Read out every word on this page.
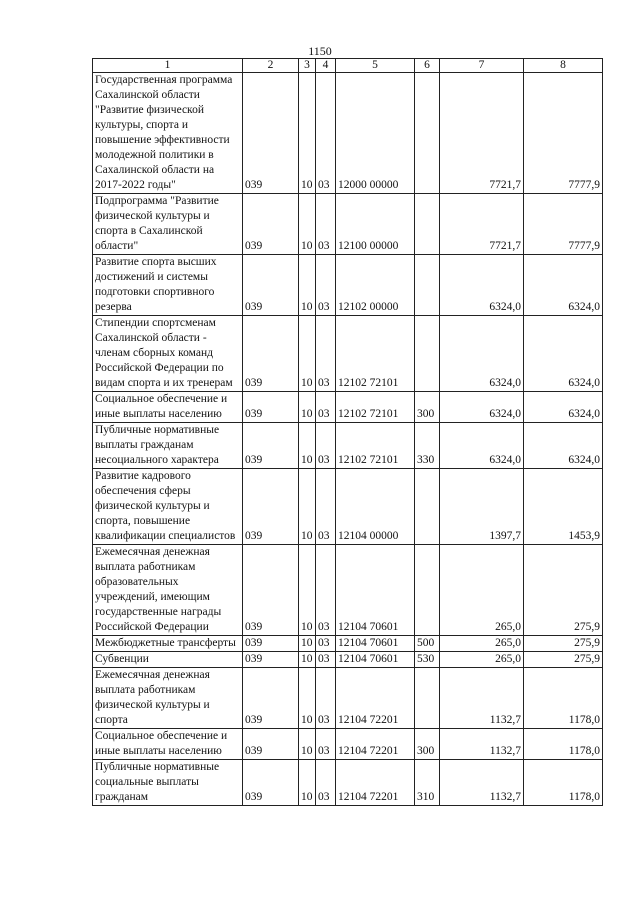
1150
1	2	3	4	5	6	7	8
Государственная программа Сахалинской области "Развитие физической культуры, спорта и повышение эффективности молодежной политики в Сахалинской области на 2017-2022 годы"	039	10	03	12000 00000		7721,7	7777,9
Подпрограмма "Развитие физической культуры и спорта в Сахалинской области"	039	10	03	12100 00000		7721,7	7777,9
Развитие спорта высших достижений и системы подготовки спортивного резерва	039	10	03	12102 00000		6324,0	6324,0
Стипендии спортсменам Сахалинской области - членам сборных команд Российской Федерации по видам спорта и их тренерам	039	10	03	12102 72101		6324,0	6324,0
Социальное обеспечение и иные выплаты населению	039	10	03	12102 72101	300	6324,0	6324,0
Публичные нормативные выплаты гражданам несоциального характера	039	10	03	12102 72101	330	6324,0	6324,0
Развитие кадрового обеспечения сферы физической культуры и спорта, повышение квалификации специалистов	039	10	03	12104 00000		1397,7	1453,9
Ежемесячная денежная выплата работникам образовательных учреждений, имеющим государственные награды Российской Федерации	039	10	03	12104 70601		265,0	275,9
Межбюджетные трансферты	039	10	03	12104 70601	500	265,0	275,9
Субвенции	039	10	03	12104 70601	530	265,0	275,9
Ежемесячная денежная выплата работникам физической культуры и спорта	039	10	03	12104 72201		1132,7	1178,0
Социальное обеспечение и иные выплаты населению	039	10	03	12104 72201	300	1132,7	1178,0
Публичные нормативные социальные выплаты гражданам	039	10	03	12104 72201	310	1132,7	1178,0
